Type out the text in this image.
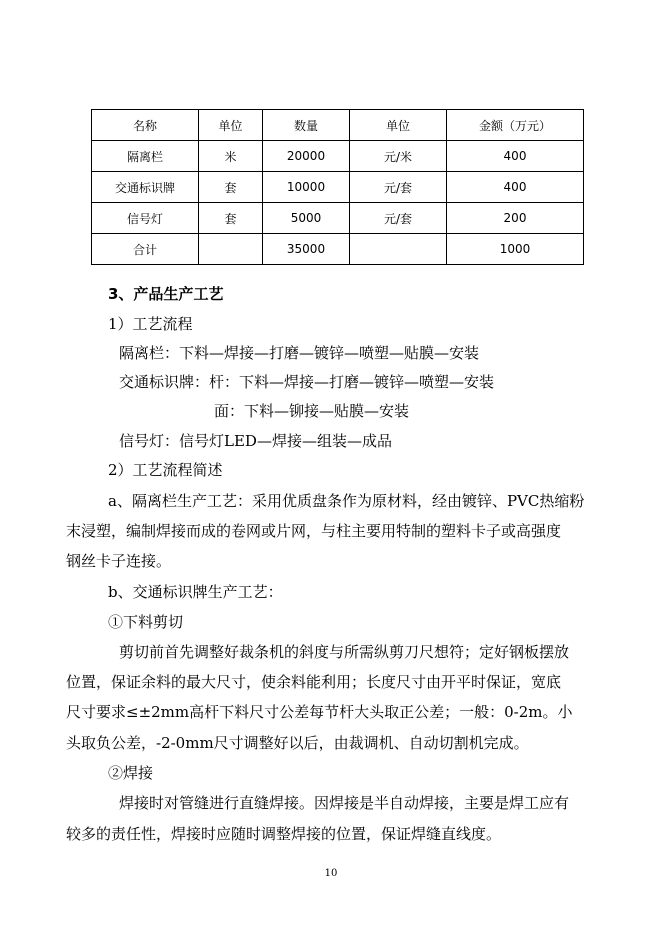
名称	单位	数量	单位	金额（万元）
隔离栏	米	20000	元/米	400
交通标识牌	套	10000	元/套	400
信号灯	套	5000	元/套	200
合计		35000		1000
3、产品生产工艺
1）工艺流程
隔离栏：下料—焊接—打磨—镀锌—喷塑—贴膜—安装
交通标识牌：杆：下料—焊接—打磨—镀锌—喷塑—安装
面：下料—铆接—贴膜—安装
信号灯：信号灯LED—焊接—组装—成品
2）工艺流程简述
a、隔离栏生产工艺：采用优质盘条作为原材料，经由镀锌、PVC热缩粉
末浸塑，编制焊接而成的卷网或片网，与柱主要用特制的塑料卡子或高强度
钢丝卡子连接。
b、交通标识牌生产工艺：
①下料剪切
剪切前首先调整好裁条机的斜度与所需纵剪刀尺想符；定好钢板摆放
位置，保证余料的最大尺寸，使余料能利用；长度尺寸由开平时保证，宽底
尺寸要求≤±2mm高杆下料尺寸公差每节杆大头取正公差；一般：0-2m。小
头取负公差，-2-0mm尺寸调整好以后，由裁调机、自动切割机完成。
②焊接
焊接时对管缝进行直缝焊接。因焊接是半自动焊接，主要是焊工应有
较多的责任性，焊接时应随时调整焊接的位置，保证焊缝直线度。
10
